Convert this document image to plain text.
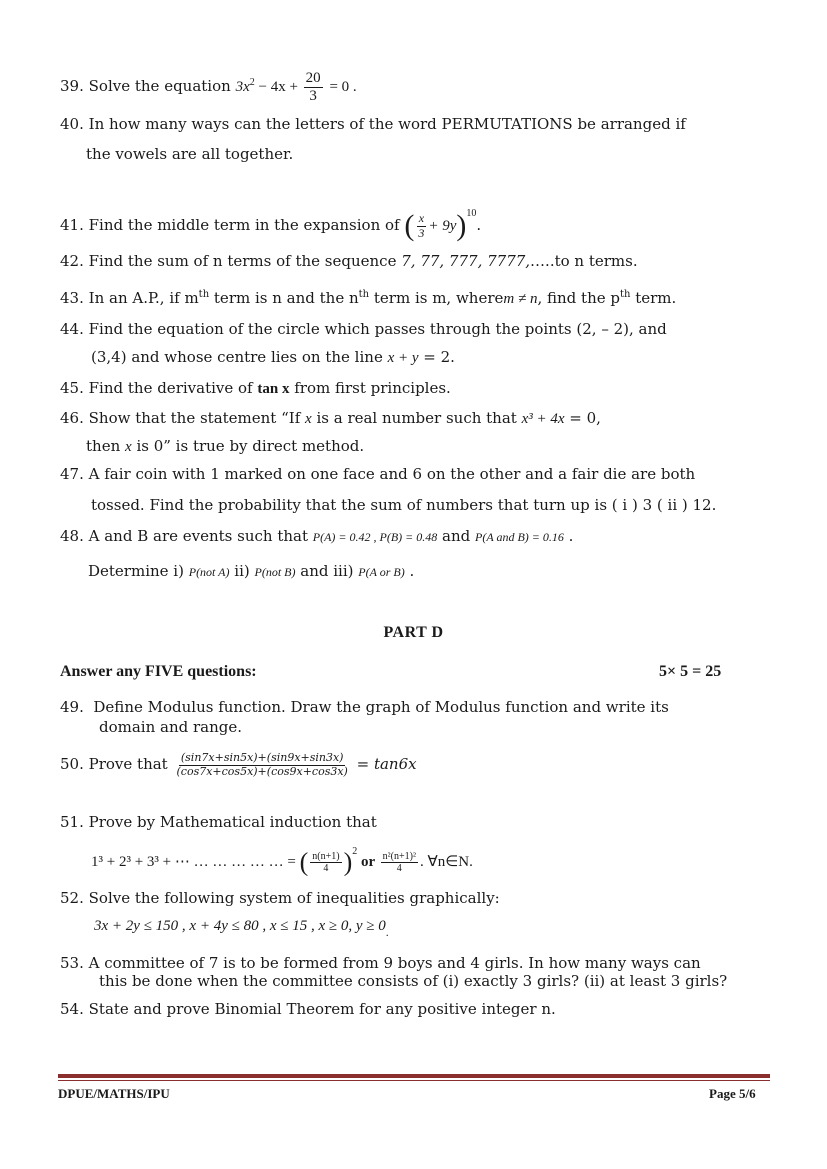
39. Solve the equation $3x^2 - 4x + \frac{20}{3} = 0$ .
40. In how many ways can the letters of the word PERMUTATIONS be arranged if
the vowels are all together.
41. Find the middle term in the expansion of ( $\frac{x}{3} + 9y)^{10}$.
42. Find the sum of n terms of the sequence 7, 77, 777, 7777,…..to n terms.
43. In an A.P., if $m^{th}$ term is n and the $n^{th}$ term is m, wherem ≠ n, find the $p^{th}$ term.
44. Find the equation of the circle which passes through the points (2, – 2), and
(3,4) and whose centre lies on the line x + y = 2.
45. Find the derivative of tan x from first principles.
46. Show that the statement “If x is a real number such that x³ + 4x = 0,
then x is 0” is true by direct method.
47. A fair coin with 1 marked on one face and 6 on the other and a fair die are both
tossed. Find the probability that the sum of numbers that turn up is ( i ) 3 ( ii ) 12.
48. A and B are events such that P(A) = 0.42 , P(B) = 0.48 and P(A and B) = 0.16 .
Determine i) P(not A) ii) P(not B) and iii) P(A or B) .
PART D
Answer any FIVE questions:	5× 5 = 25
49. Define Modulus function. Draw the graph of Modulus function and write its
domain and range.
50. Prove that $\frac{(\sin 7x+\sin 5x)+(\sin 9x+\sin 3x)}{(\cos 7x+\cos 5x)+(\cos 9x+\cos 3x)} = \tan 6x$
51. Prove by Mathematical induction that
1³ + 2³ + 3³ + ⋯ … … … … … = ( $\frac{n(n+1)}{4} )^2$ or $\frac{\text{n²(n+1)²}}{4}$ . ∀n∈N.
52. Solve the following system of inequalities graphically:
3x + 2y ≤ 150 , x + 4y ≤ 80 , x ≤ 15 , x ≥ 0, $y \ge 0_.$
53. A committee of 7 is to be formed from 9 boys and 4 girls. In how many ways can
this be done when the committee consists of (i) exactly 3 girls? (ii) at least 3 girls?
54. State and prove Binomial Theorem for any positive integer n.
DPUE/MATHS/IPU	Page 5/6
